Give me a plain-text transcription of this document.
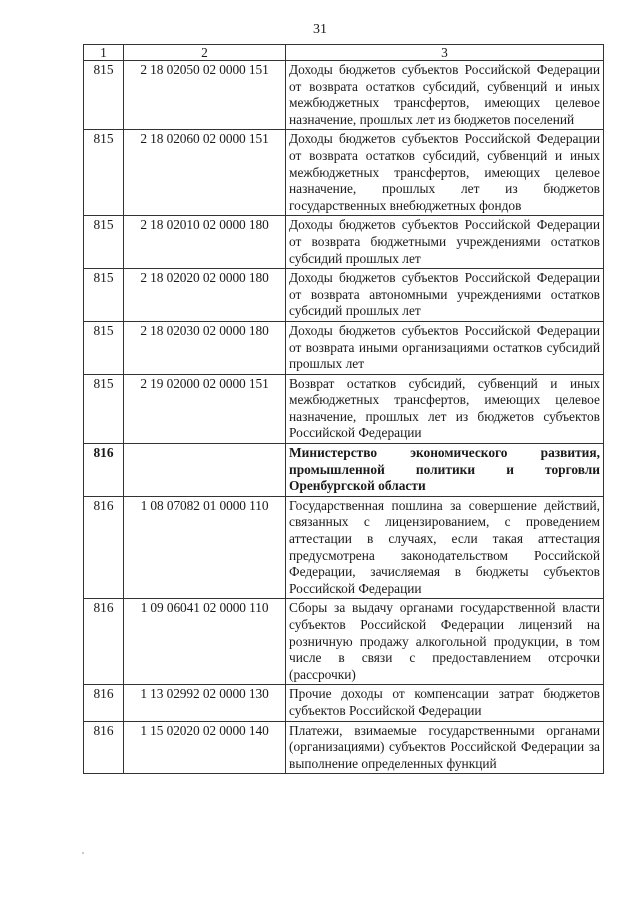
31
1	2	3
815	2 18 02050 02 0000 151	Доходы бюджетов субъектов Российской Федерации от возврата остатков субсидий, субвенций и иных межбюджетных трансфертов, имеющих целевое назначение, прошлых лет из бюджетов поселений
815	2 18 02060 02 0000 151	Доходы бюджетов субъектов Российской Федерации от возврата остатков субсидий, субвенций и иных межбюджетных трансфертов, имеющих целевое назначение, прошлых лет из бюджетов государственных внебюджетных фондов
815	2 18 02010 02 0000 180	Доходы бюджетов субъектов Российской Федерации от возврата бюджетными учреждениями остатков субсидий прошлых лет
815	2 18 02020 02 0000 180	Доходы бюджетов субъектов Российской Федерации от возврата автономными учреждениями остатков субсидий прошлых лет
815	2 18 02030 02 0000 180	Доходы бюджетов субъектов Российской Федерации от возврата иными организациями остатков субсидий прошлых лет
815	2 19 02000 02 0000 151	Возврат остатков субсидий, субвенций и иных межбюджетных трансфертов, имеющих целевое назначение, прошлых лет из бюджетов субъектов Российской Федерации
816		Министерство экономического развития, промышленной политики и торговли Оренбургской области
816	1 08 07082 01 0000 110	Государственная пошлина за совершение действий, связанных с лицензированием, с проведением аттестации в случаях, если такая аттестация предусмотрена законодательством Российской Федерации, зачисляемая в бюджеты субъектов Российской Федерации
816	1 09 06041 02 0000 110	Сборы за выдачу органами государственной власти субъектов Российской Федерации лицензий на розничную продажу алкогольной продукции, в том числе в связи с предоставлением отсрочки (рассрочки)
816	1 13 02992 02 0000 130	Прочие доходы от компенсации затрат бюджетов субъектов Российской Федерации
816	1 15 02020 02 0000 140	Платежи, взимаемые государственными органами (организациями) субъектов Российской Федерации за выполнение определенных функций
